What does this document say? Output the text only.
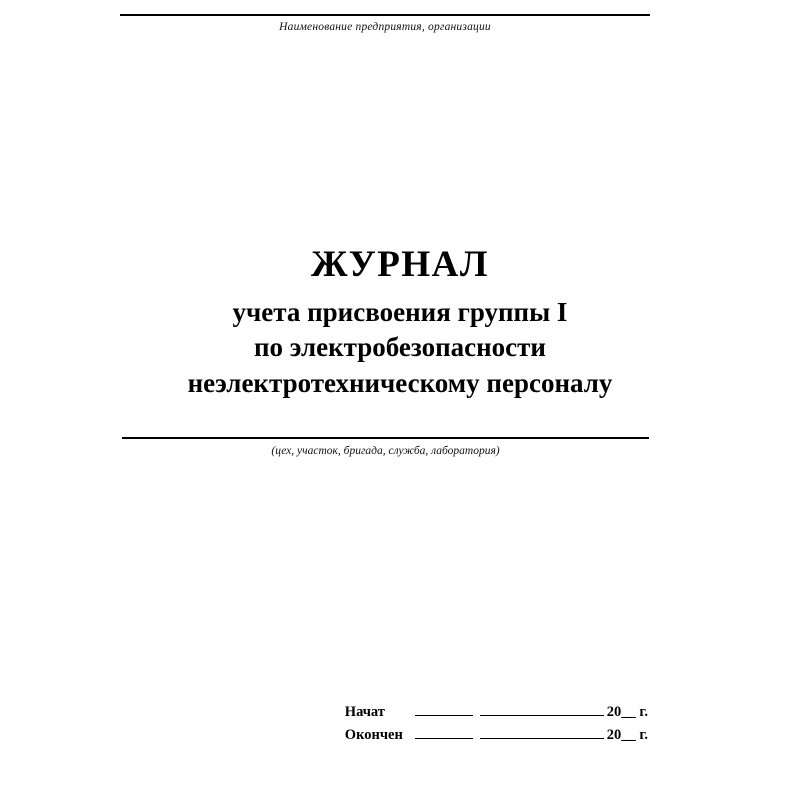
Наименование предприятия, организации
ЖУРНАЛ
учета присвоения группы I
по электробезопасности
неэлектротехническому персоналу
(цех, участок, бригада, служба, лаборатория)
Начат	20__ г.
Окончен	20__ г.
